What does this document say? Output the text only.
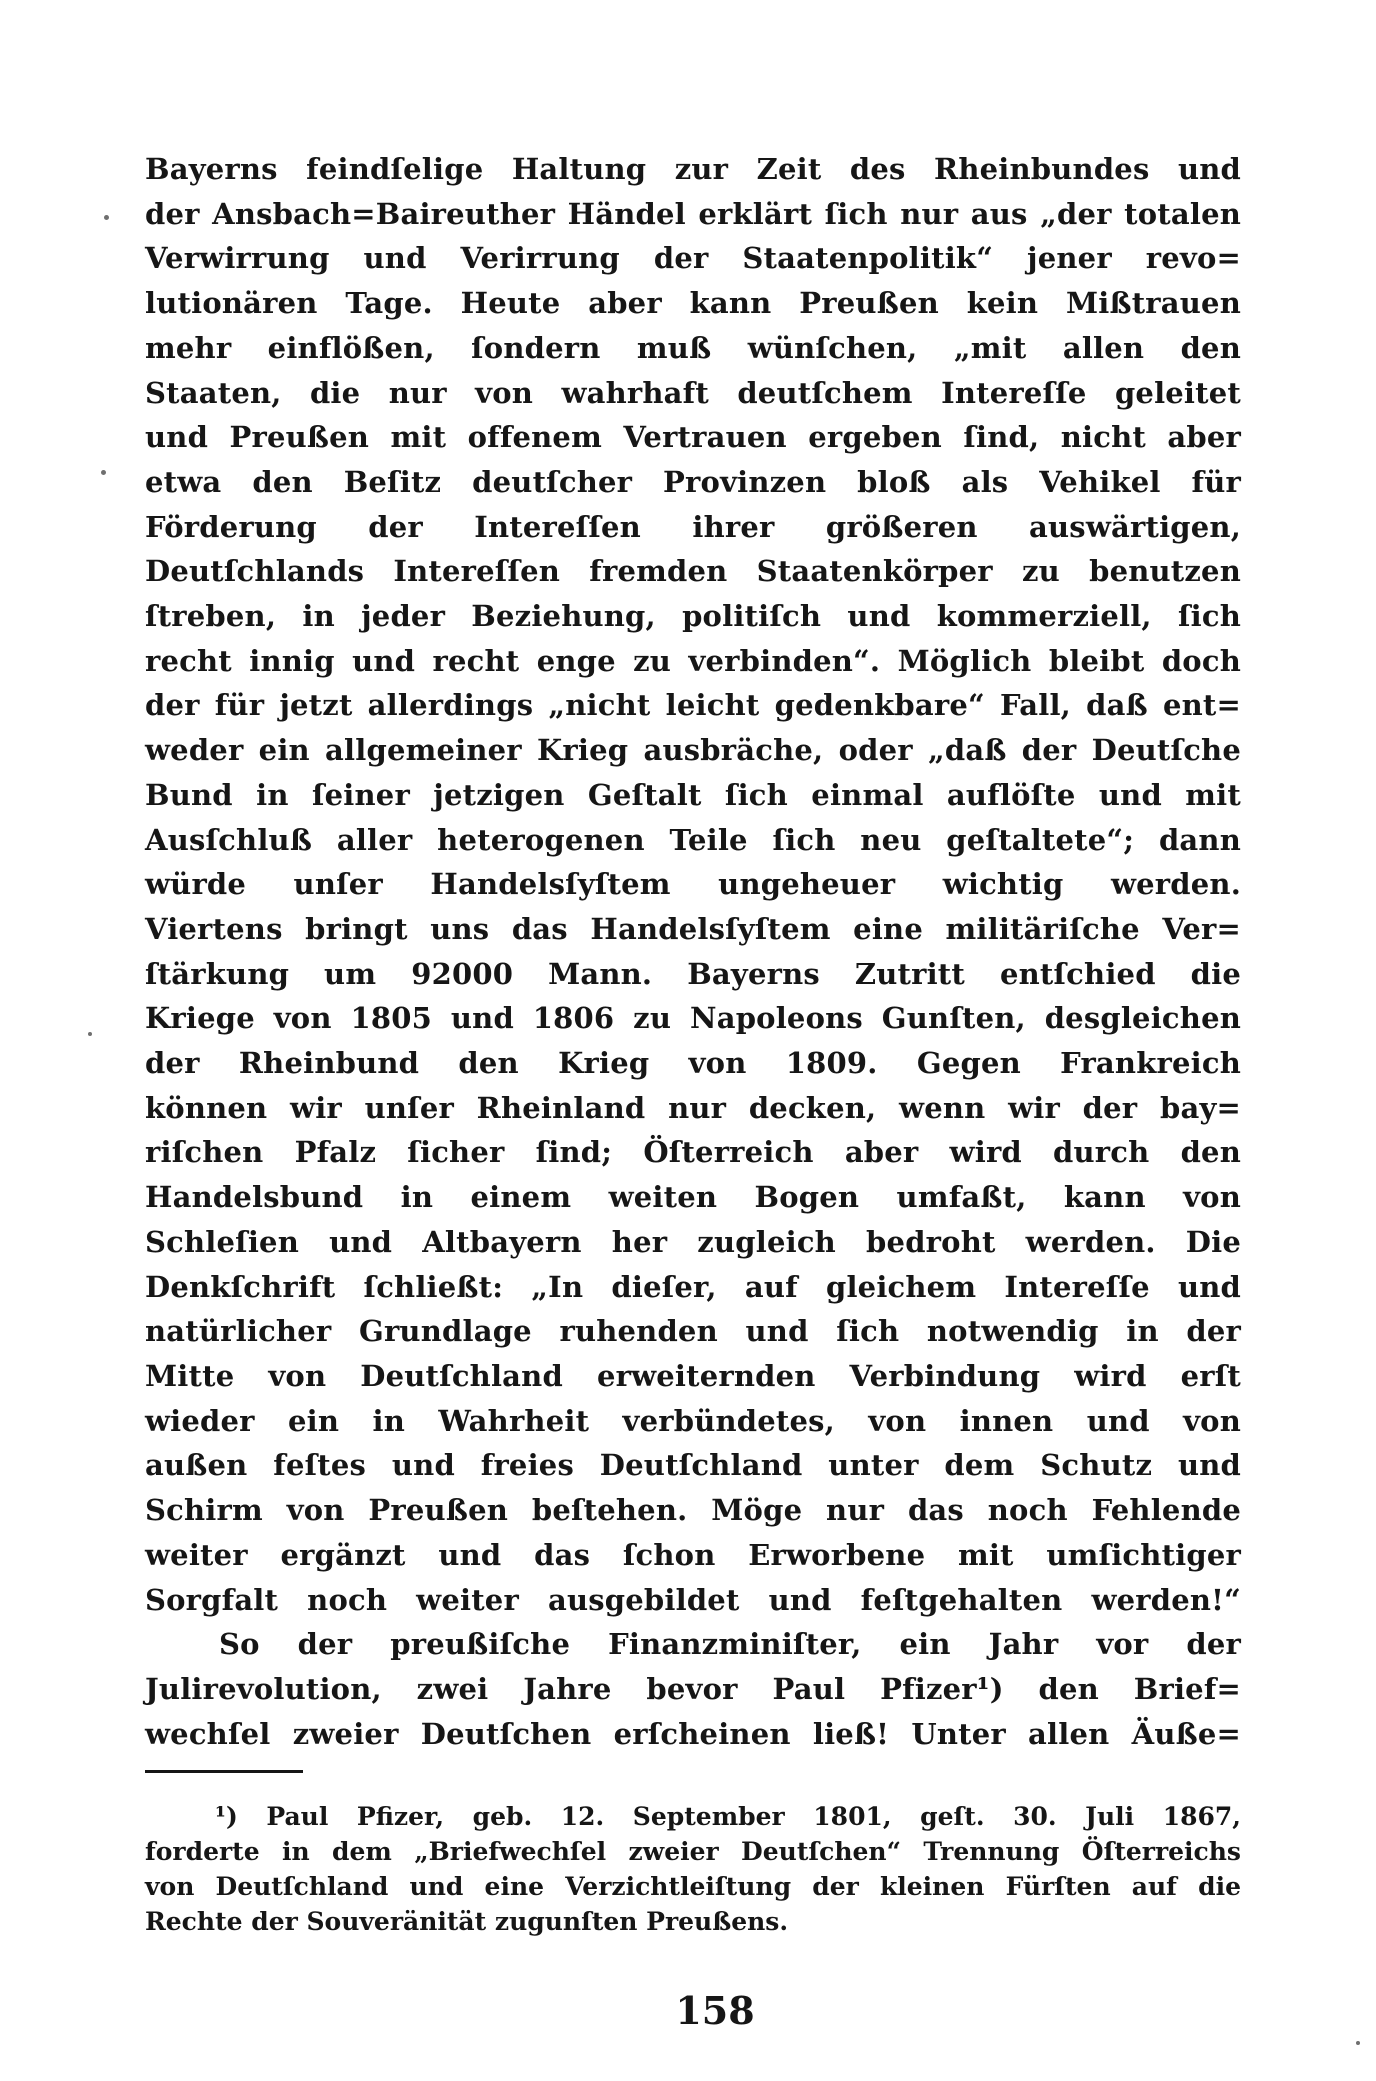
Bayerns feindſelige Haltung zur Zeit des Rheinbundes und
der Ansbach=Baireuther Händel erklärt ſich nur aus „der totalen
Verwirrung und Verirrung der Staatenpolitik“ jener revo=
lutionären Tage. Heute aber kann Preußen kein Mißtrauen
mehr einflößen, ſondern muß wünſchen, „mit allen den
Staaten, die nur von wahrhaft deutſchem Intereſſe geleitet
und Preußen mit offenem Vertrauen ergeben ſind, nicht aber
etwa den Beſitz deutſcher Provinzen bloß als Vehikel für
Förderung der Intereſſen ihrer größeren auswärtigen,
Deutſchlands Intereſſen fremden Staatenkörper zu benutzen
ſtreben, in jeder Beziehung, politiſch und kommerziell, ſich
recht innig und recht enge zu verbinden“. Möglich bleibt doch
der für jetzt allerdings „nicht leicht gedenkbare“ Fall, daß ent=
weder ein allgemeiner Krieg ausbräche, oder „daß der Deutſche
Bund in ſeiner jetzigen Geſtalt ſich einmal auflöſte und mit
Ausſchluß aller heterogenen Teile ſich neu geſtaltete“; dann
würde unſer Handelsſyſtem ungeheuer wichtig werden.
Viertens bringt uns das Handelsſyſtem eine militäriſche Ver=
ſtärkung um 92000 Mann. Bayerns Zutritt entſchied die
Kriege von 1805 und 1806 zu Napoleons Gunſten, desgleichen
der Rheinbund den Krieg von 1809. Gegen Frankreich
können wir unſer Rheinland nur decken, wenn wir der bay=
riſchen Pfalz ſicher ſind; Öſterreich aber wird durch den
Handelsbund in einem weiten Bogen umfaßt, kann von
Schleſien und Altbayern her zugleich bedroht werden. Die
Denkſchrift ſchließt: „In dieſer, auf gleichem Intereſſe und
natürlicher Grundlage ruhenden und ſich notwendig in der
Mitte von Deutſchland erweiternden Verbindung wird erſt
wieder ein in Wahrheit verbündetes, von innen und von
außen feſtes und freies Deutſchland unter dem Schutz und
Schirm von Preußen beſtehen. Möge nur das noch Fehlende
weiter ergänzt und das ſchon Erworbene mit umſichtiger
Sorgfalt noch weiter ausgebildet und feſtgehalten werden!“
So der preußiſche Finanzminiſter, ein Jahr vor der
Julirevolution, zwei Jahre bevor Paul Pfizer¹) den Brief=
wechſel zweier Deutſchen erſcheinen ließ! Unter allen Äuße=
¹) Paul Pfizer, geb. 12. September 1801, geſt. 30. Juli 1867,
forderte in dem „Briefwechſel zweier Deutſchen“ Trennung Öſterreichs
von Deutſchland und eine Verzichtleiſtung der kleinen Fürſten auf die
Rechte der Souveränität zugunſten Preußens.
158
